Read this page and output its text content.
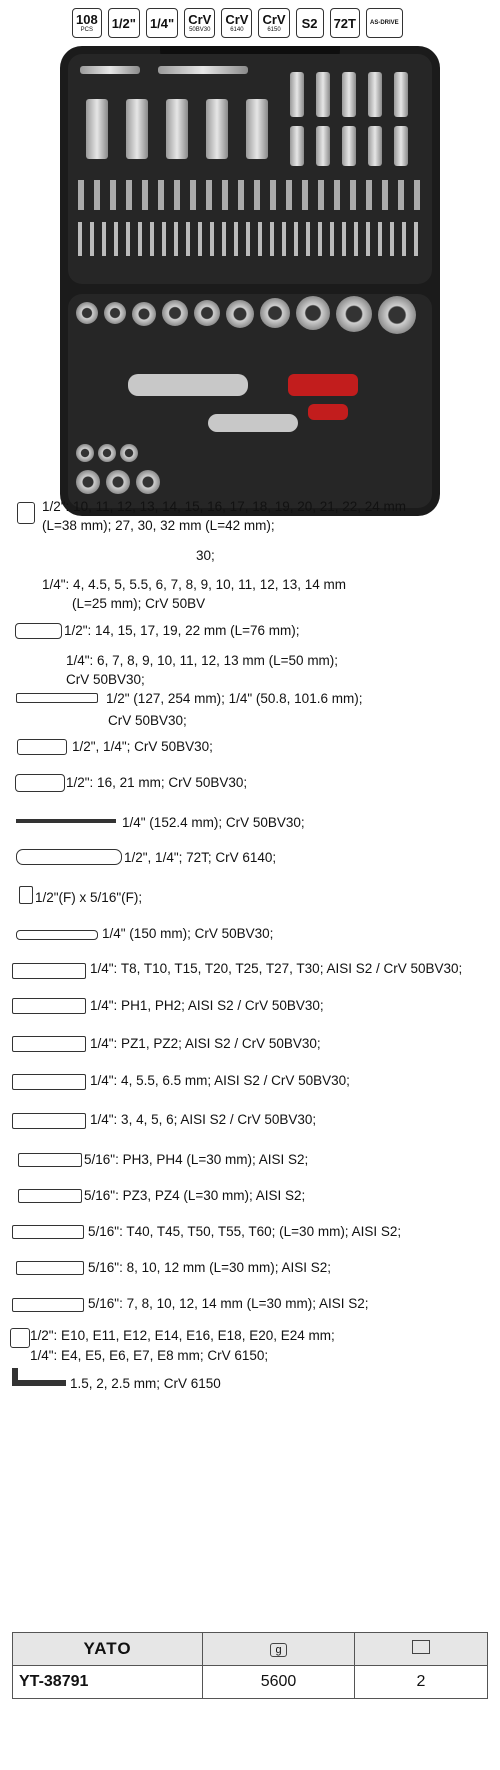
108
PCS 1/2" 1/4" CrV
50BV30
CrV
6140
CrV
6150 S2 72T AS-DRIVE
1/2": 10, 11, 12, 13, 14, 15, 16, 17, 18, 19, 20, 21, 22, 24 mm
(L=38 mm); 27, 30, 32 mm (L=42 mm);
30;
1/4": 4, 4.5, 5, 5.5, 6, 7, 8, 9, 10, 11, 12, 13, 14 mm
(L=25 mm); CrV 50BV
1/2": 14, 15, 17, 19, 22 mm (L=76 mm);
1/4": 6, 7, 8, 9, 10, 11, 12, 13 mm (L=50 mm);
CrV 50BV30;
1/2" (127, 254 mm); 1/4" (50.8, 101.6 mm);
CrV 50BV30;
1/2", 1/4"; CrV 50BV30;
1/2": 16, 21 mm; CrV 50BV30;
1/4" (152.4 mm); CrV 50BV30;
1/2", 1/4"; 72T; CrV 6140;
1/2"(F) x 5/16"(F);
1/4" (150 mm); CrV 50BV30;
1/4": T8, T10, T15, T20, T25, T27, T30; AISI S2 / CrV 50BV30;
1/4": PH1, PH2; AISI S2 / CrV 50BV30;
1/4": PZ1, PZ2; AISI S2 / CrV 50BV30;
1/4": 4, 5.5, 6.5 mm; AISI S2 / CrV 50BV30;
1/4": 3, 4, 5, 6; AISI S2 / CrV 50BV30;
5/16": PH3, PH4 (L=30 mm); AISI S2;
5/16": PZ3, PZ4 (L=30 mm); AISI S2;
5/16": T40, T45, T50, T55, T60; (L=30 mm); AISI S2;
5/16": 8, 10, 12 mm (L=30 mm); AISI S2;
5/16": 7, 8, 10, 12, 14 mm (L=30 mm); AISI S2;
1/2": E10, E11, E12, E14, E16, E18, E20, E24 mm;
1/4": E4, E5, E6, E7, E8 mm; CrV 6150;
1.5, 2, 2.5 mm; CrV 6150
YATO	g	
YT-38791	5600	2
